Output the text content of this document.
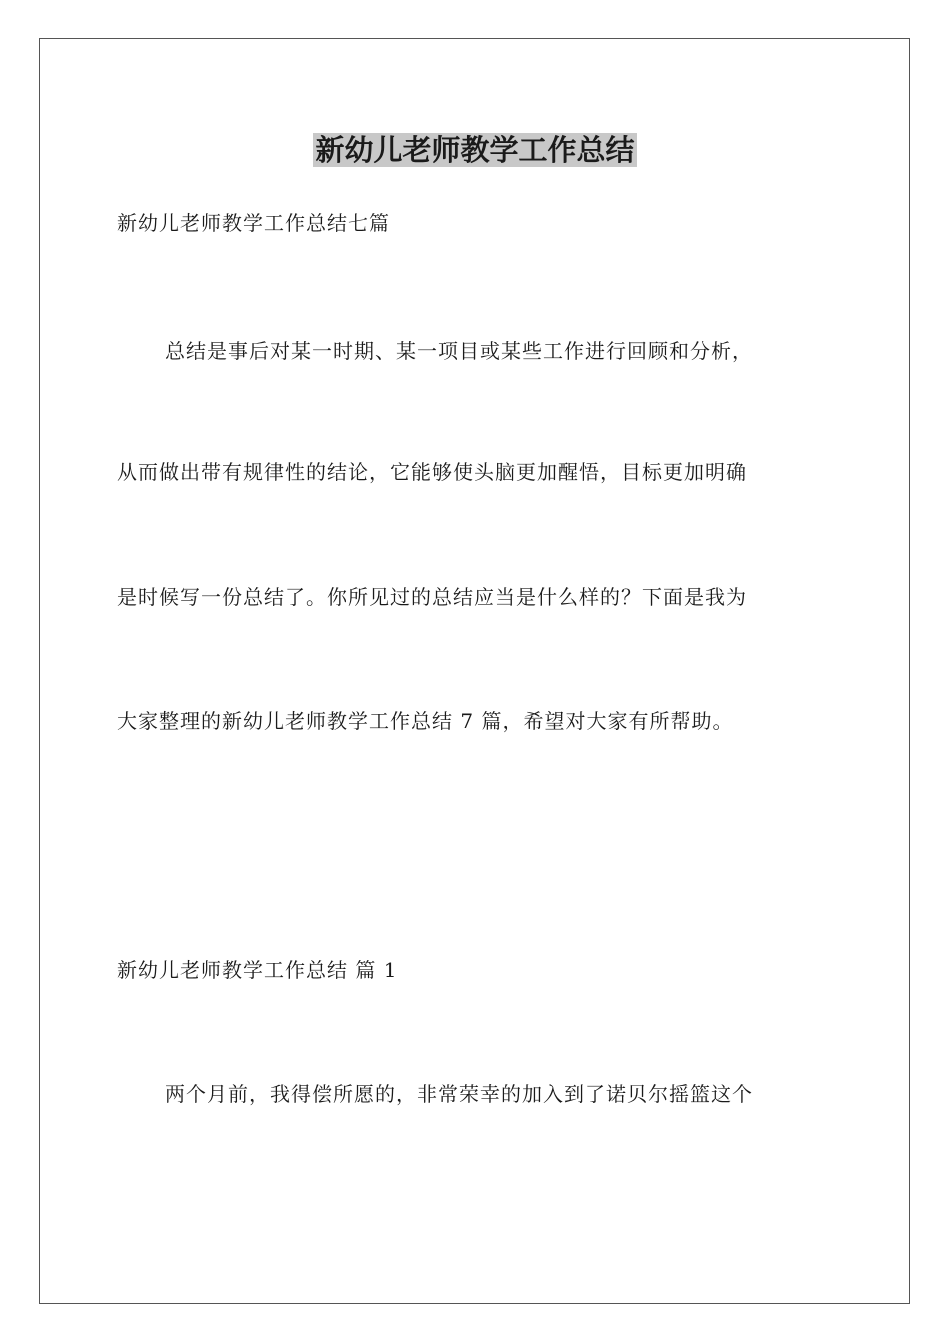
新幼儿老师教学工作总结
新幼儿老师教学工作总结七篇
总结是事后对某一时期、某一项目或某些工作进行回顾和分析，
从而做出带有规律性的结论，它能够使头脑更加醒悟，目标更加明确
是时候写一份总结了。你所见过的总结应当是什么样的？下面是我为
大家整理的新幼儿老师教学工作总结 7 篇，希望对大家有所帮助。
新幼儿老师教学工作总结 篇 1
两个月前，我得偿所愿的，非常荣幸的加入到了诺贝尔摇篮这个
